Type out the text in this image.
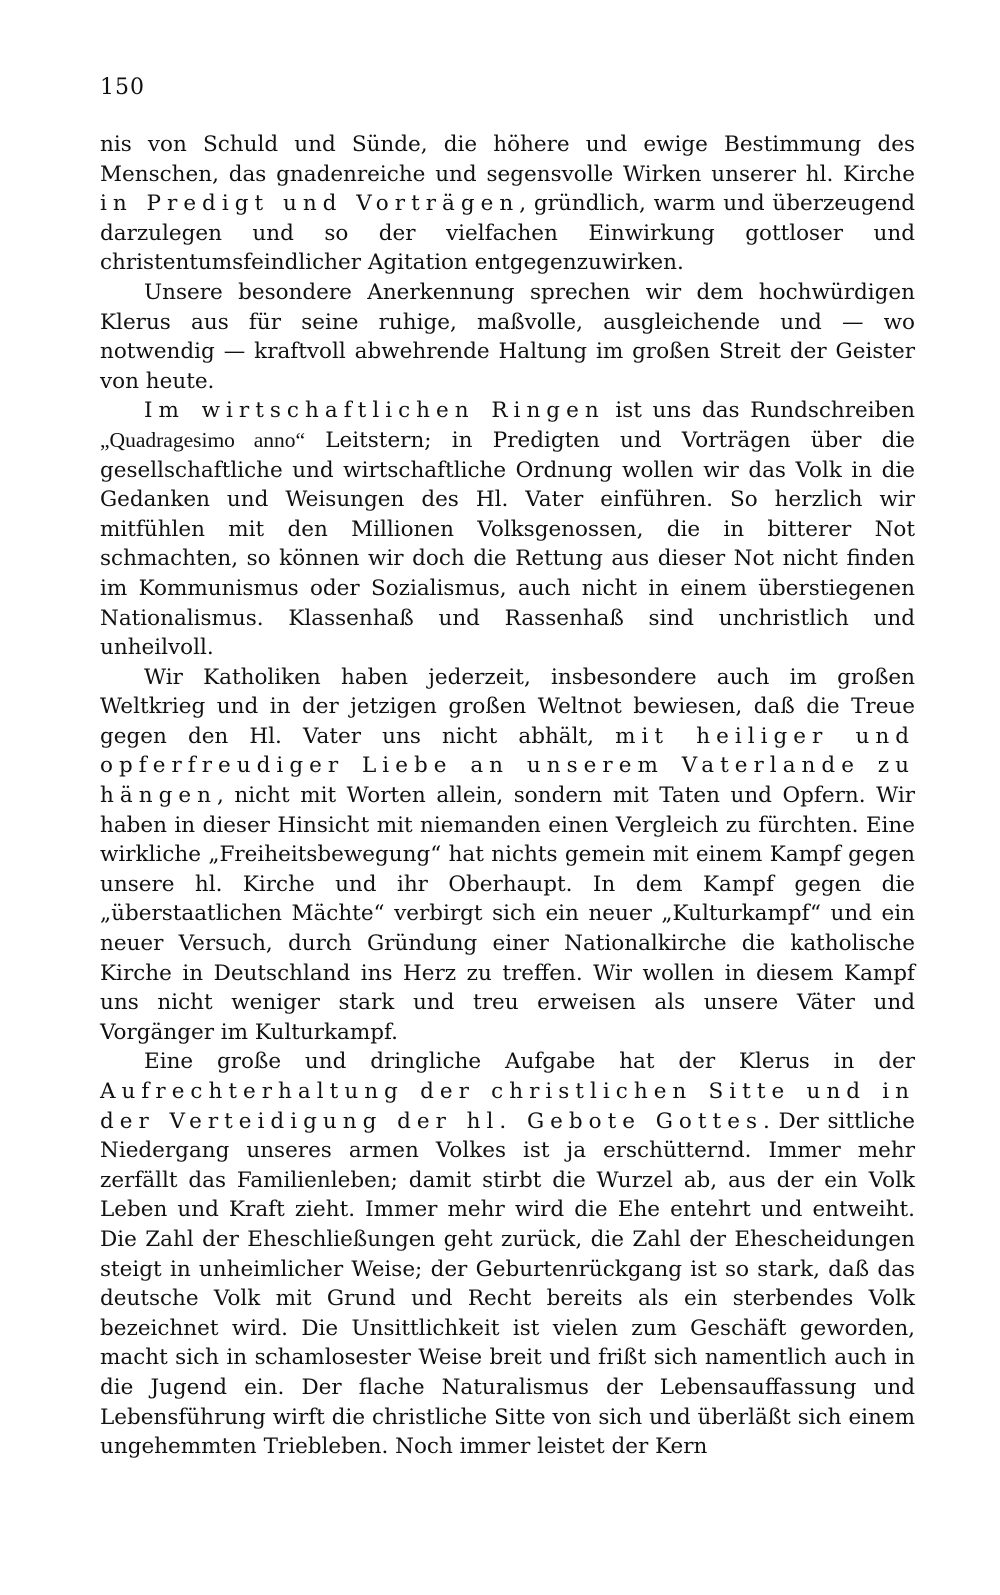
150

nis von Schuld und Sünde, die höhere und ewige Bestimmung des Menschen, das gnadenreiche und segensvolle Wirken unserer hl. Kirche in Predigt und Vorträgen, gründlich, warm und überzeugend darzulegen und so der vielfachen Einwirkung gottloser und christentumsfeindlicher Agitation entgegenzuwirken.

Unsere besondere Anerkennung sprechen wir dem hochwürdigen Klerus aus für seine ruhige, maßvolle, ausgleichende und — wo notwendig — kraftvoll abwehrende Haltung im großen Streit der Geister von heute.

Im wirtschaftlichen Ringen ist uns das Rundschreiben „Quadragesimo anno“ Leitstern; in Predigten und Vorträgen über die gesellschaftliche und wirtschaftliche Ordnung wollen wir das Volk in die Gedanken und Weisungen des Hl. Vater einführen. So herzlich wir mitfühlen mit den Millionen Volksgenossen, die in bitterer Not schmachten, so können wir doch die Rettung aus dieser Not nicht finden im Kommunismus oder Sozialismus, auch nicht in einem überstiegenen Nationalismus. Klassenhaß und Rassenhaß sind unchristlich und unheilvoll.

Wir Katholiken haben jederzeit, insbesondere auch im großen Weltkrieg und in der jetzigen großen Weltnot bewiesen, daß die Treue gegen den Hl. Vater uns nicht abhält, mit heiliger und opferfreudiger Liebe an unserem Vaterlande zu hängen, nicht mit Worten allein, sondern mit Taten und Opfern. Wir haben in dieser Hinsicht mit niemanden einen Vergleich zu fürchten. Eine wirkliche „Freiheitsbewegung“ hat nichts gemein mit einem Kampf gegen unsere hl. Kirche und ihr Oberhaupt. In dem Kampf gegen die „überstaatlichen Mächte“ verbirgt sich ein neuer „Kulturkampf“ und ein neuer Versuch, durch Gründung einer Nationalkirche die katholische Kirche in Deutschland ins Herz zu treffen. Wir wollen in diesem Kampf uns nicht weniger stark und treu erweisen als unsere Väter und Vorgänger im Kulturkampf.

Eine große und dringliche Aufgabe hat der Klerus in der Aufrechterhaltung der christlichen Sitte und in der Verteidigung der hl. Gebote Gottes. Der sittliche Niedergang unseres armen Volkes ist ja erschütternd. Immer mehr zerfällt das Familienleben; damit stirbt die Wurzel ab, aus der ein Volk Leben und Kraft zieht. Immer mehr wird die Ehe entehrt und entweiht. Die Zahl der Eheschließungen geht zurück, die Zahl der Ehescheidungen steigt in unheimlicher Weise; der Geburtenrückgang ist so stark, daß das deutsche Volk mit Grund und Recht bereits als ein sterbendes Volk bezeichnet wird. Die Unsittlichkeit ist vielen zum Geschäft geworden, macht sich in schamlosester Weise breit und frißt sich namentlich auch in die Jugend ein. Der flache Naturalismus der Lebensauffassung und Lebensführung wirft die christliche Sitte von sich und überläßt sich einem ungehemmten Triebleben. Noch immer leistet der Kern
